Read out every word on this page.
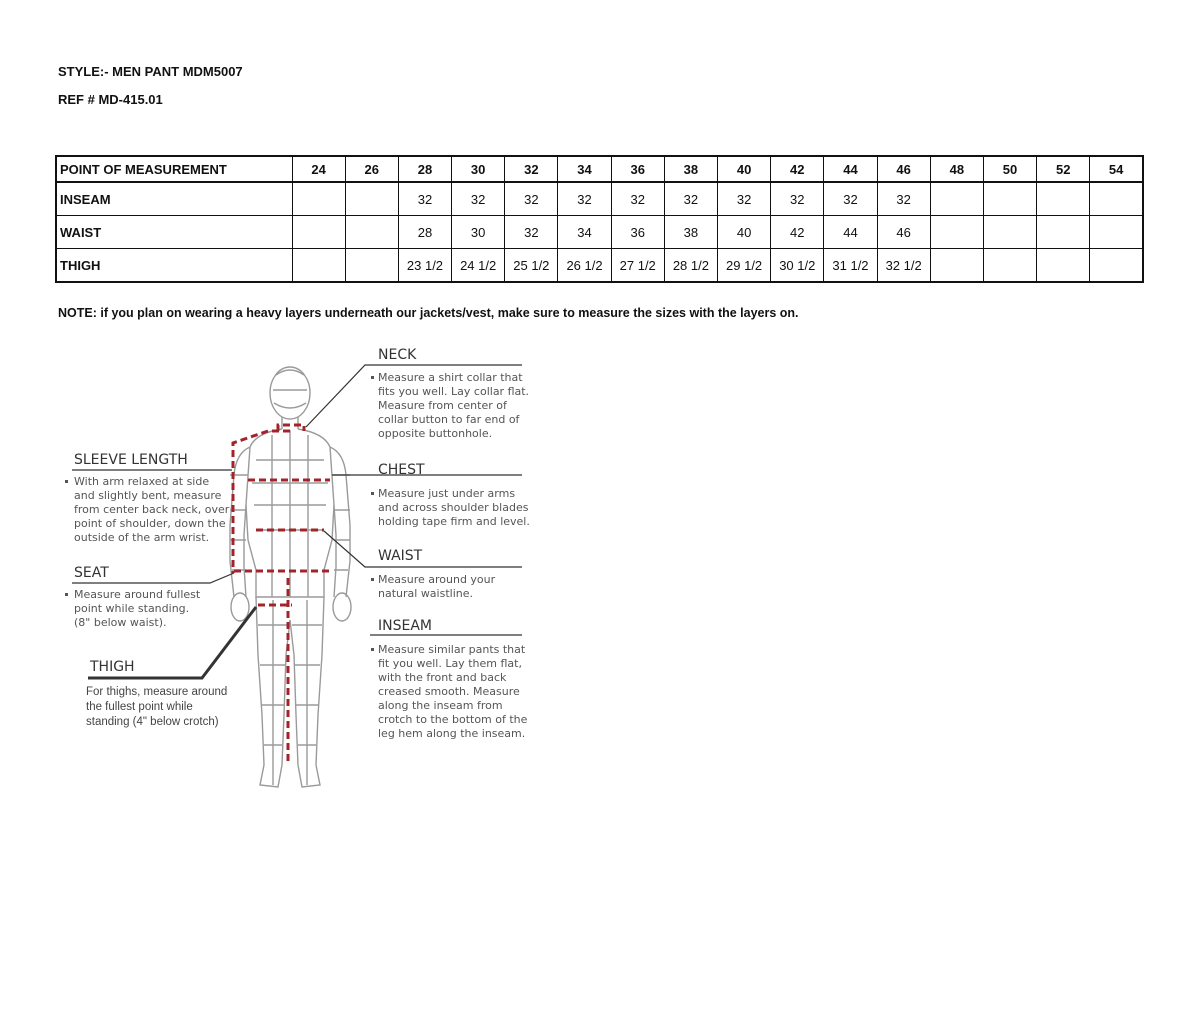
STYLE:- MEN PANT MDM5007
REF # MD-415.01
POINT OF MEASUREMENT	24	26	28	30	32	34	36	38	40	42	44	46	48	50	52	54
INSEAM			32	32	32	32	32	32	32	32	32	32				
WAIST			28	30	32	34	36	38	40	42	44	46				
THIGH			23 1/2	24 1/2	25 1/2	26 1/2	27 1/2	28 1/2	29 1/2	30 1/2	31 1/2	32 1/2				
NOTE: if you plan on wearing a heavy layers underneath our jackets/vest, make sure to measure the sizes with the layers on.
NECK
CHEST
WAIST
INSEAM
SLEEVE LENGTH
SEAT
THIGH
Measure a shirt collar that fits you well. Lay collar flat. Measure from center of collar button to far end of opposite buttonhole.
Measure just under arms and across shoulder blades holding tape firm and level.
Measure around your natural waistline.
Measure similar pants that fit you well. Lay them flat, with the front and back creased smooth. Measure along the inseam from crotch to the bottom of the leg hem along the inseam.
With arm relaxed at side and slightly bent, measure from center back neck, over point of shoulder, down the outside of the arm wrist.
Measure around fullest point while standing. (8" below waist).
For thighs, measure around the fullest point while standing (4" below crotch)
